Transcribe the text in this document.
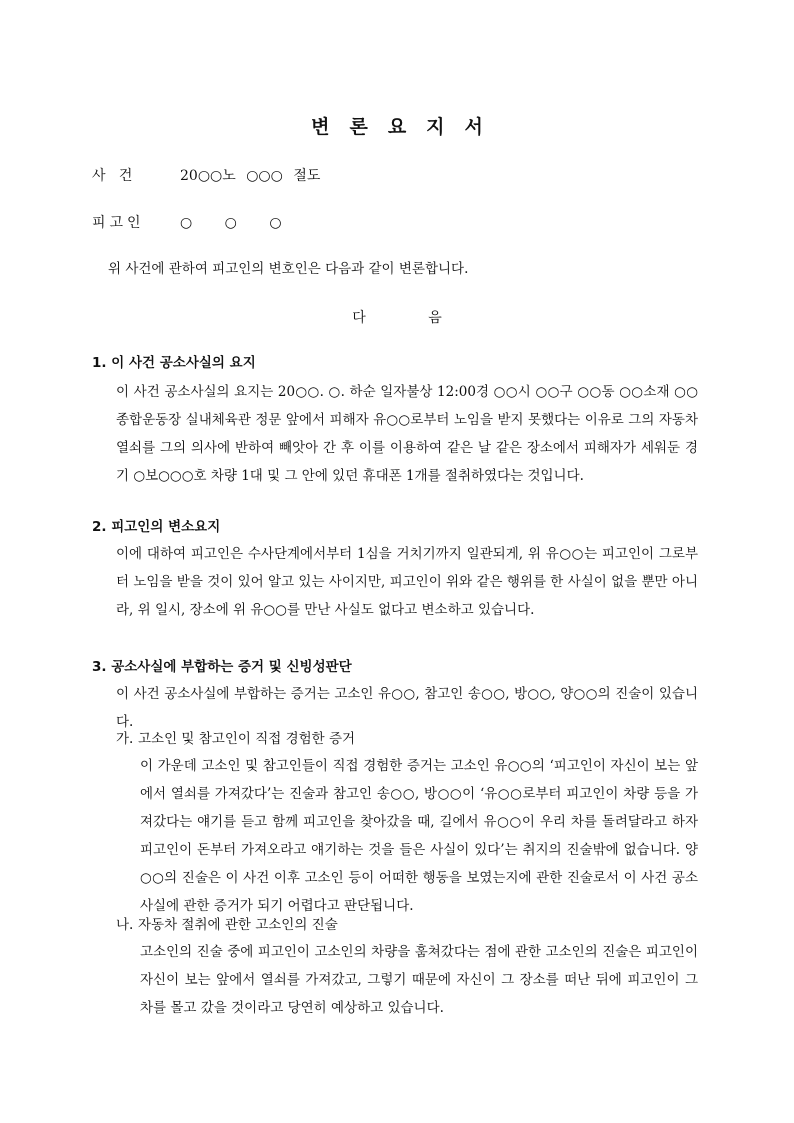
변론요지서
사   건	20○○노 ○○○ 절도
피고인	○ ○ ○
위 사건에 관하여 피고인의 변호인은 다음과 같이 변론합니다.
다 음
1. 이 사건 공소사실의 요지
이 사건 공소사실의 요지는 20○○. ○. 하순 일자불상 12:00경 ○○시 ○○구 ○○동 ○○소재 ○○종합운동장 실내체육관 정문 앞에서 피해자 유○○로부터 노임을 받지 못했다는 이유로 그의 자동차 열쇠를 그의 의사에 반하여 빼앗아 간 후 이를 이용하여 같은 날 같은 장소에서 피해자가 세워둔 경기 ○보○○○호 차량 1대 및 그 안에 있던 휴대폰 1개를 절취하였다는 것입니다.
2. 피고인의 변소요지
이에 대하여 피고인은 수사단계에서부터 1심을 거치기까지 일관되게, 위 유○○는 피고인이 그로부터 노임을 받을 것이 있어 알고 있는 사이지만, 피고인이 위와 같은 행위를 한 사실이 없을 뿐만 아니라, 위 일시, 장소에 위 유○○를 만난 사실도 없다고 변소하고 있습니다.
3. 공소사실에 부합하는 증거 및 신빙성판단
이 사건 공소사실에 부합하는 증거는 고소인 유○○, 참고인 송○○, 방○○, 양○○의 진술이 있습니다.
가. 고소인 및 참고인이 직접 경험한 증거
이 가운데 고소인 및 참고인들이 직접 경험한 증거는 고소인 유○○의 ‘피고인이 자신이 보는 앞에서 열쇠를 가져갔다’는 진술과 참고인 송○○, 방○○이 ‘유○○로부터 피고인이 차량 등을 가져갔다는 얘기를 듣고 함께 피고인을 찾아갔을 때, 길에서 유○○이 우리 차를 돌려달라고 하자 피고인이 돈부터 가져오라고 얘기하는 것을 들은 사실이 있다’는 취지의 진술밖에 없습니다. 양○○의 진술은 이 사건 이후 고소인 등이 어떠한 행동을 보였는지에 관한 진술로서 이 사건 공소사실에 관한 증거가 되기 어렵다고 판단됩니다.
나. 자동차 절취에 관한 고소인의 진술
고소인의 진술 중에 피고인이 고소인의 차량을 훔쳐갔다는 점에 관한 고소인의 진술은 피고인이 자신이 보는 앞에서 열쇠를 가져갔고, 그렇기 때문에 자신이 그 장소를 떠난 뒤에 피고인이 그 차를 몰고 갔을 것이라고 당연히 예상하고 있습니다.
